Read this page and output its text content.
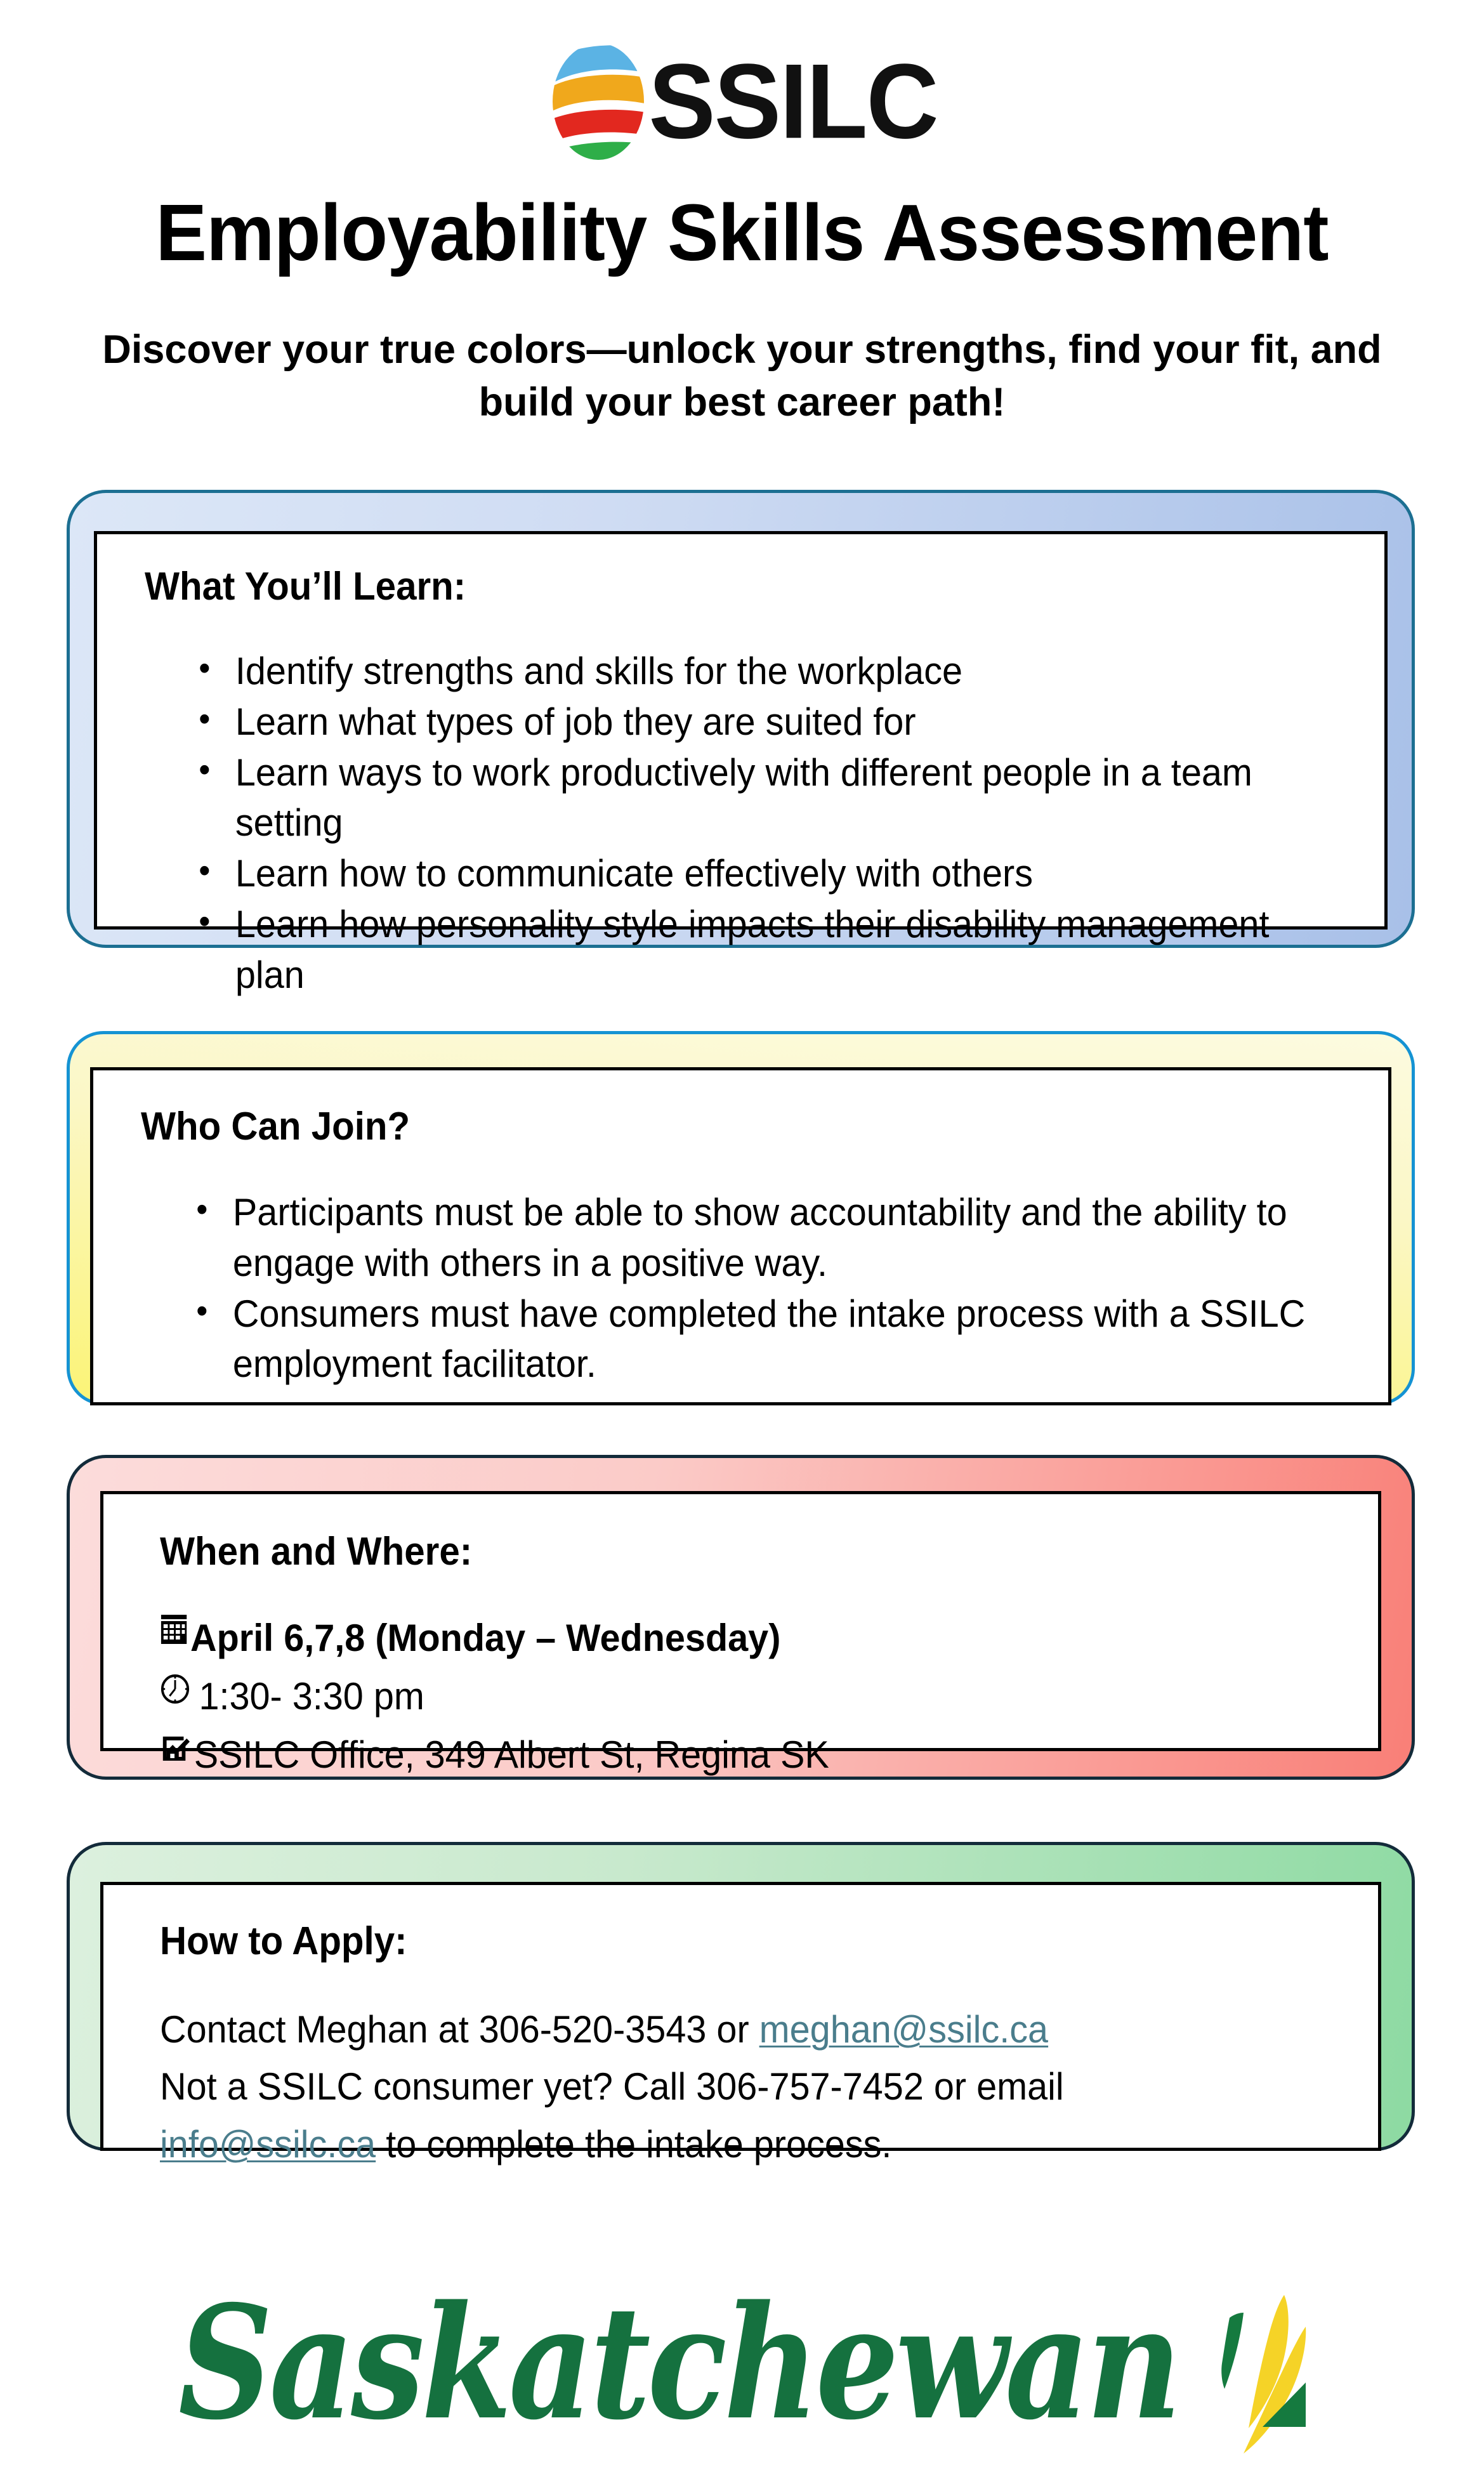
SSILC
Employability Skills Assessment
Discover your true colors—unlock your strengths, find your fit, and
build your best career path!
What You’ll Learn:
• Identify strengths and skills for the workplace
• Learn what types of job they are suited for
• Learn ways to work productively with different people in a team setting
• Learn how to communicate effectively with others
• Learn how personality style impacts their disability management plan
Who Can Join?
• Participants must be able to show accountability and the ability to engage with others in a positive way.
• Consumers must have completed the intake process with a SSILC employment facilitator.
When and Where:
April 6,7,8 (Monday – Wednesday)
1:30- 3:30 pm
SSILC Office, 349 Albert St, Regina SK
How to Apply:
Contact Meghan at 306-520-3543 or meghan@ssilc.ca
Not a SSILC consumer yet? Call 306-757-7452 or email
info@ssilc.ca to complete the intake process.
Saskatchewan
